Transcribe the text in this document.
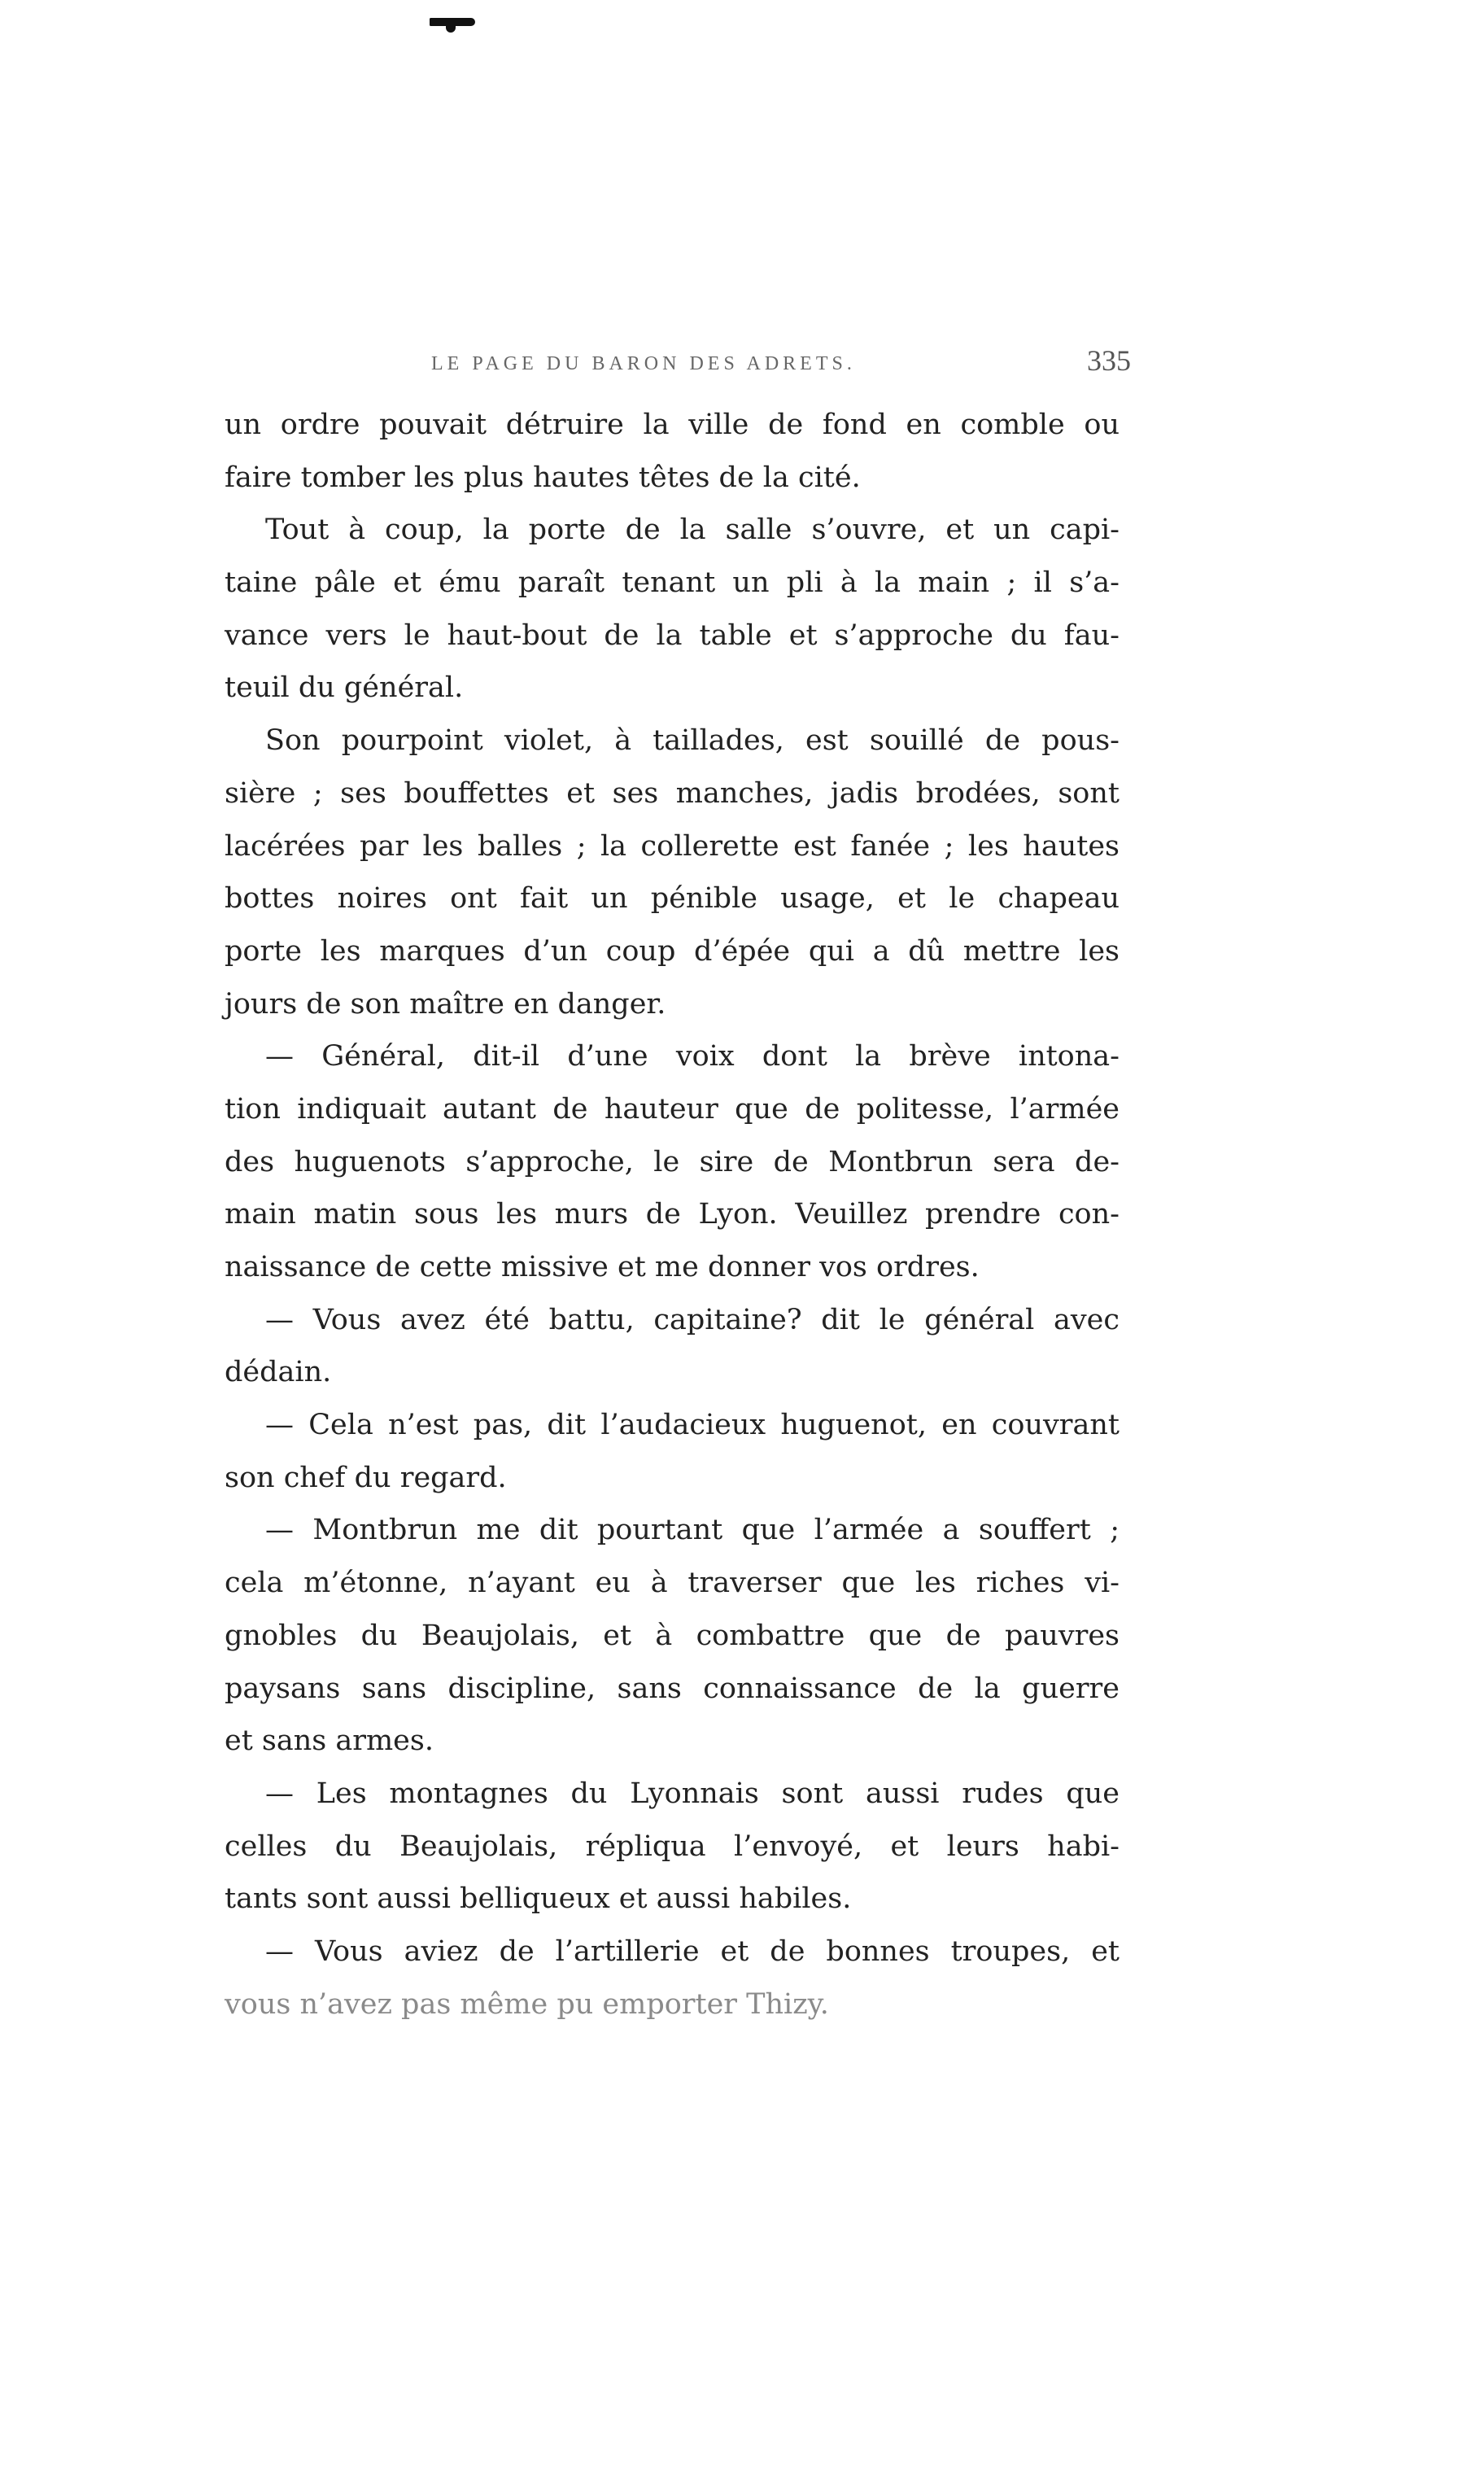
LE PAGE DU BARON DES ADRETS.	335
un ordre pouvait détruire la ville de fond en comble ou
faire tomber les plus hautes têtes de la cité.
Tout à coup, la porte de la salle s’ouvre, et un capi-
taine pâle et ému paraît tenant un pli à la main ; il s’a-
vance vers le haut-bout de la table et s’approche du fau-
teuil du général.
Son pourpoint violet, à taillades, est souillé de pous-
sière ; ses bouffettes et ses manches, jadis brodées, sont
lacérées par les balles ; la collerette est fanée ; les hautes
bottes noires ont fait un pénible usage, et le chapeau
porte les marques d’un coup d’épée qui a dû mettre les
jours de son maître en danger.
— Général, dit-il d’une voix dont la brève intona-
tion indiquait autant de hauteur que de politesse, l’armée
des huguenots s’approche, le sire de Montbrun sera de-
main matin sous les murs de Lyon. Veuillez prendre con-
naissance de cette missive et me donner vos ordres.
— Vous avez été battu, capitaine? dit le général avec
dédain.
— Cela n’est pas, dit l’audacieux huguenot, en couvrant
son chef du regard.
— Montbrun me dit pourtant que l’armée a souffert ;
cela m’étonne, n’ayant eu à traverser que les riches vi-
gnobles du Beaujolais, et à combattre que de pauvres
paysans sans discipline, sans connaissance de la guerre
et sans armes.
— Les montagnes du Lyonnais sont aussi rudes que
celles du Beaujolais, répliqua l’envoyé, et leurs habi-
tants sont aussi belliqueux et aussi habiles.
— Vous aviez de l’artillerie et de bonnes troupes, et
vous n’avez pas même pu emporter Thizy.
